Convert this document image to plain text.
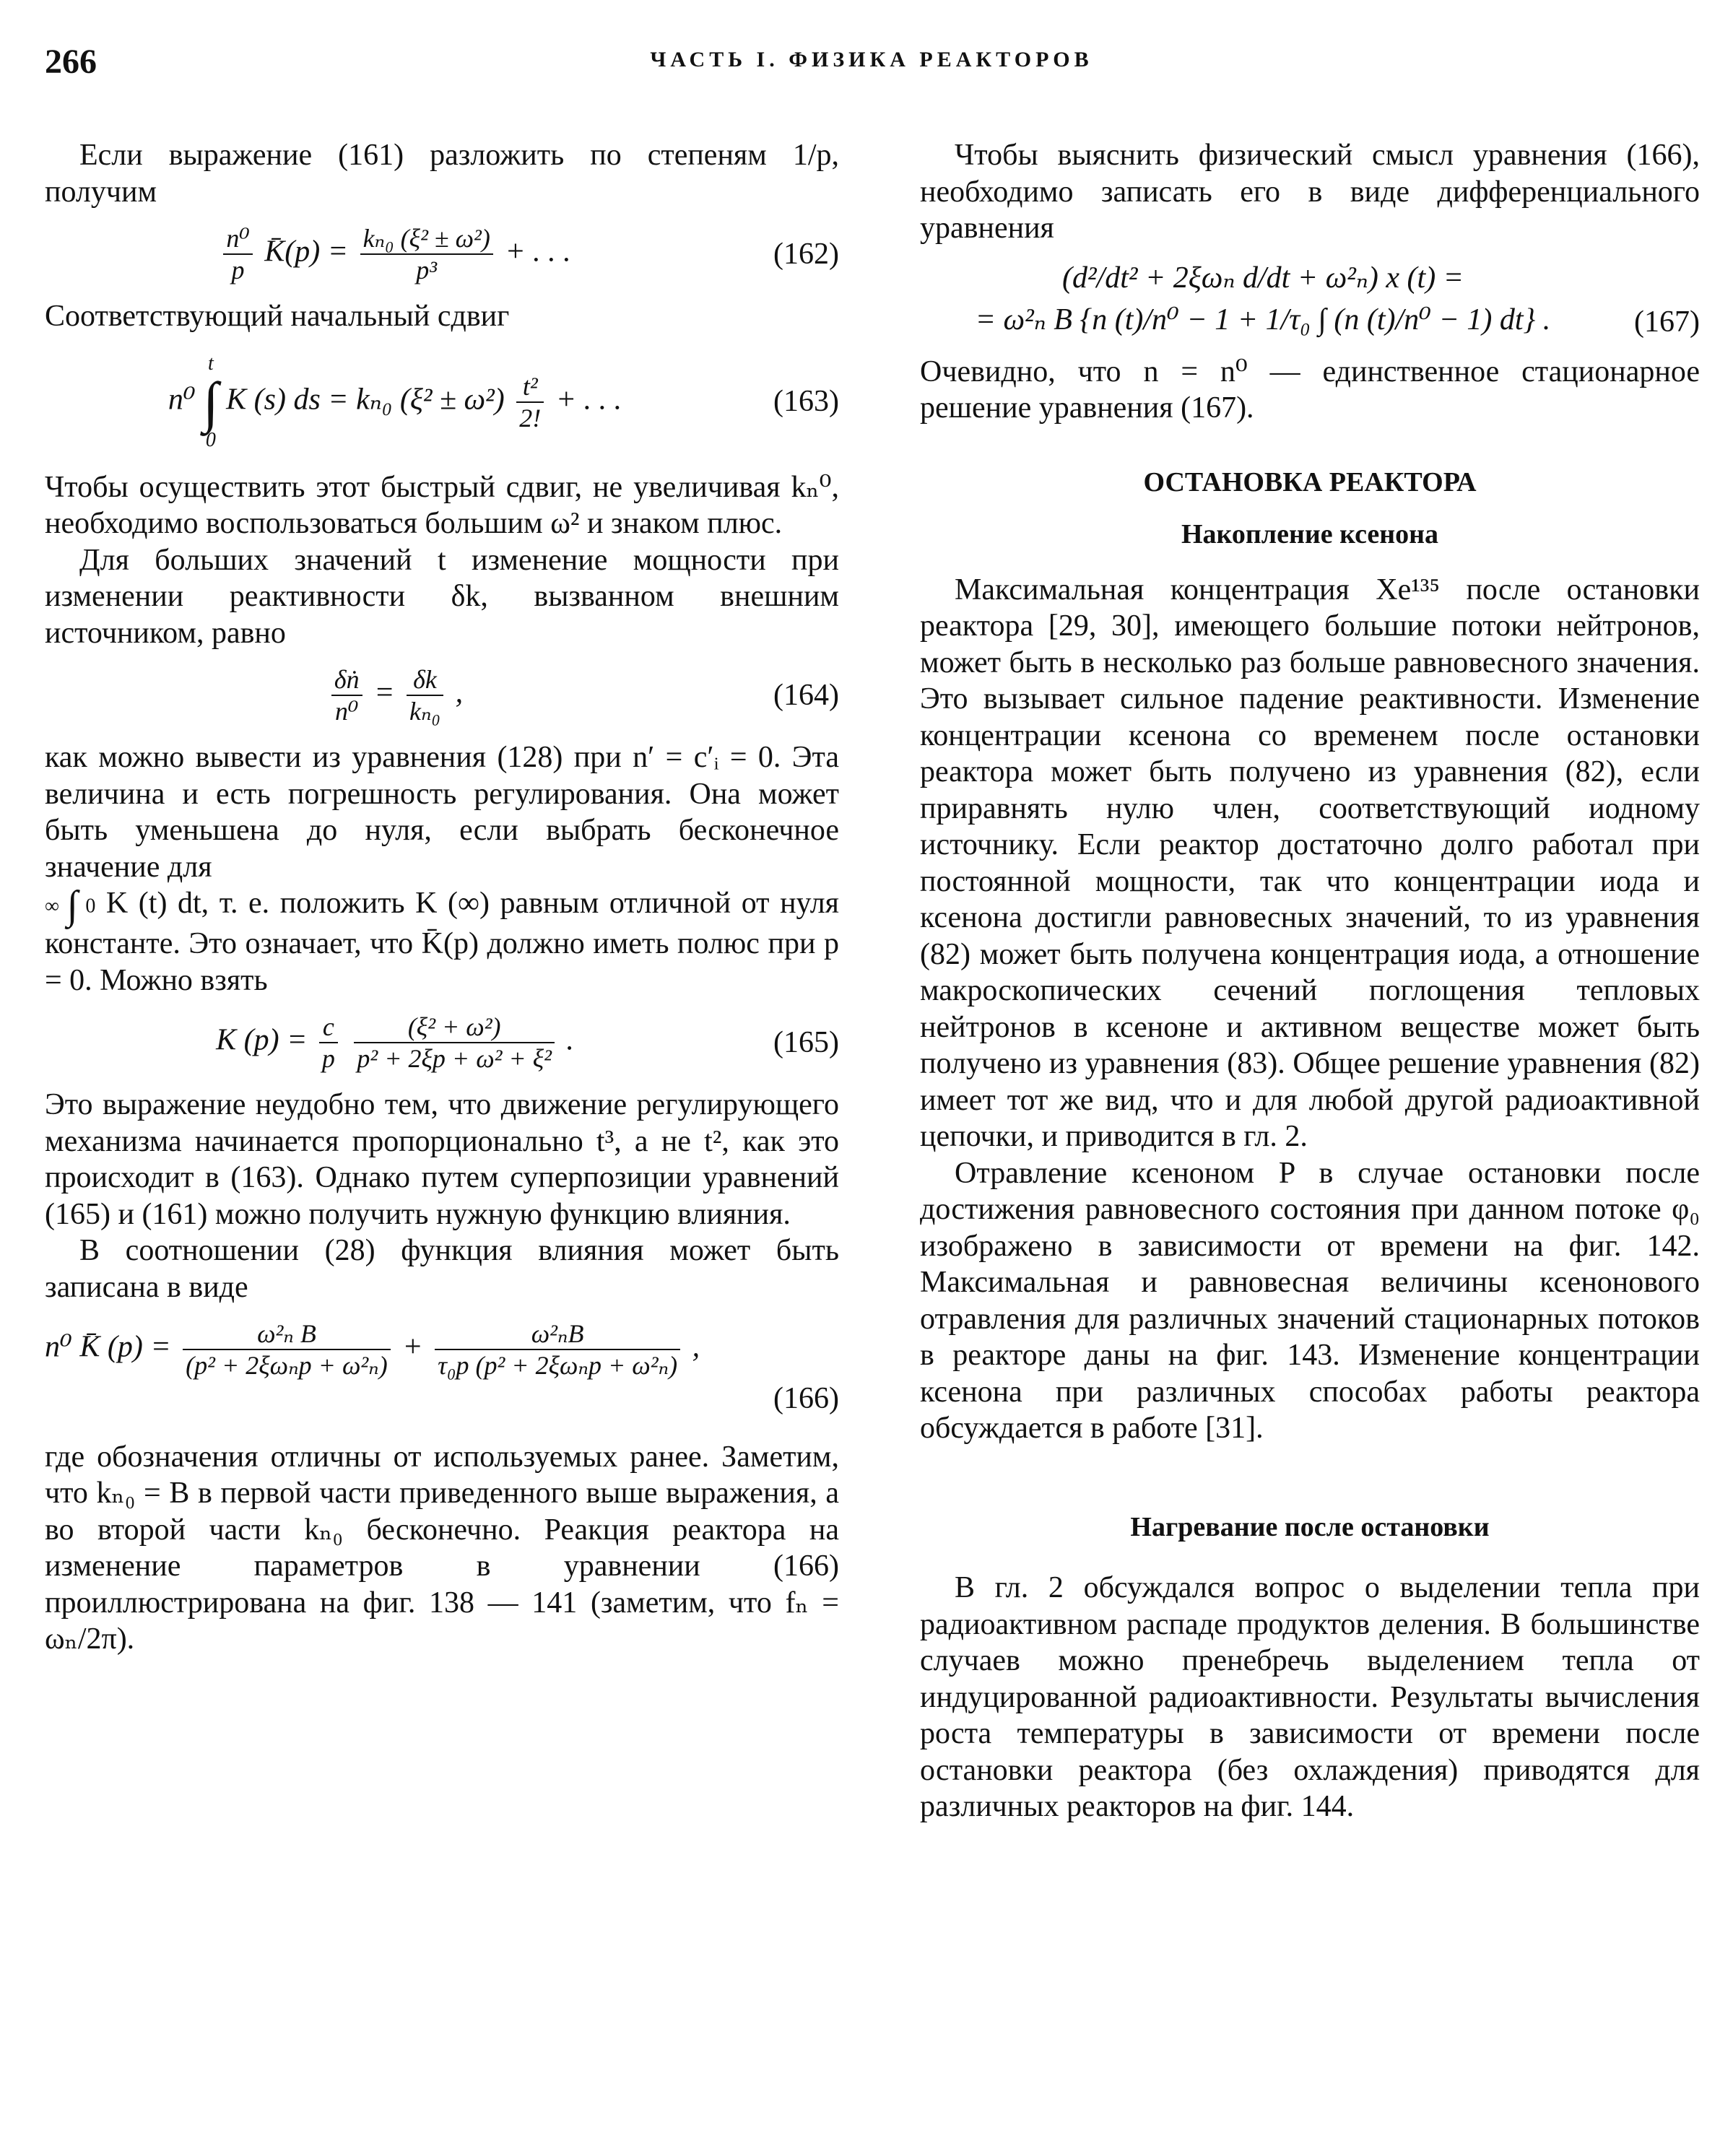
266	ЧАСТЬ I. ФИЗИКА РЕАКТОРОВ

Если выражение (161) разложить по степеням 1/p, получим

$\frac{\text{n⁰}}{p}$ K̄(p) = $\frac{\text{kₙ₀ (ξ² ± ω²)}}{\text{p³}}$ + . . .	(162)

Соответствующий начальный сдвиг

n⁰
t
∫
0
K (s) ds = kₙ₀ $(\xi^2 \pm \omega^2) \frac{\text{t²}}{2!}$ + . . .	(163)

Чтобы осуществить этот быстрый сдвиг, не увеличивая kₙ⁰, необходимо воспользоваться большим ω² и знаком плюс.

Для больших значений t изменение мощности при изменении реактивности δk, вызванном внешним источником, равно

$\frac{\text{δṅ}}{\text{n⁰}} = \frac{\delta k}{\text{kₙ₀}}$ ,	(164)

как можно вывести из уравнения (128) при n′ = c′ᵢ = 0. Эта величина и есть погрешность регулирования. Она может быть уменьшена до нуля, если выбрать бесконечное значение для

∞ ∫ 0 K (t) dt, т. е. положить K (∞) равным отличной от нуля константе. Это означает, что K̄(p) должно иметь полюс при p = 0. Можно взять

K $(p) = \frac{c}{p}$
$\frac{\text{(ξ² + ω²)}}{\text{p² + 2ξp + ω² + ξ²}}$ .	(165)

Это выражение неудобно тем, что движение регулирующего механизма начинается пропорционально t³, а не t², как это происходит в (163). Однако путем суперпозиции уравнений (165) и (161) можно получить нужную функцию влияния.

В соотношении (28) функция влияния может быть записана в виде

n⁰ K̄ $(p) = \frac{\text{ω²ₙ B}}{\text{(p² + 2ξωₙp + ω²ₙ)}} + \frac{\text{ω²ₙB}}{\text{τ₀p (p² + 2ξωₙp + ω²ₙ)}}$ ,
(166)

где обозначения отличны от используемых ранее. Заметим, что kₙ₀ = B в первой части приведенного выше выражения, а во второй части kₙ₀ бесконечно. Реакция реактора на изменение параметров в уравнении (166) проиллюстрирована на фиг. 138 — 141 (заметим, что fₙ = ωₙ/2π).

Чтобы выяснить физический смысл уравнения (166), необходимо записать его в виде дифференциального уравнения

(d²/dt² + 2ξωₙ d/dt + ω²ₙ) x (t) =
= ω²ₙ B {n (t)/n⁰ − 1 + 1/τ₀ ∫ (n (t)/n⁰ − 1) dt} .	(167)

Очевидно, что n = n⁰ — единственное стационарное решение уравнения (167).

ОСТАНОВКА РЕАКТОРА
Накопление ксенона

Максимальная концентрация Xe¹³⁵ после остановки реактора [29, 30], имеющего большие потоки нейтронов, может быть в несколько раз больше равновесного значения. Это вызывает сильное падение реактивности. Изменение концентрации ксенона со временем после остановки реактора может быть получено из уравнения (82), если приравнять нулю член, соответствующий иодному источнику. Если реактор достаточно долго работал при постоянной мощности, так что концентрации иода и ксенона достигли равновесных значений, то из уравнения (82) может быть получена концентрация иода, а отношение макроскопических сечений поглощения тепловых нейтронов в ксеноне и активном веществе может быть получено из уравнения (83). Общее решение уравнения (82) имеет тот же вид, что и для любой другой радиоактивной цепочки, и приводится в гл. 2.

Отравление ксеноном P в случае остановки после достижения равновесного состояния при данном потоке φ₀ изображено в зависимости от времени на фиг. 142. Максимальная и равновесная величины ксенонового отравления для различных значений стационарных потоков в реакторе даны на фиг. 143. Изменение концентрации ксенона при различных способах работы реактора обсуждается в работе [31].

Нагревание после остановки

В гл. 2 обсуждался вопрос о выделении тепла при радиоактивном распаде продуктов деления. В большинстве случаев можно пренебречь выделением тепла от индуцированной радиоактивности. Результаты вычисления роста температуры в зависимости от времени после остановки реактора (без охлаждения) приводятся для различных реакторов на фиг. 144.
